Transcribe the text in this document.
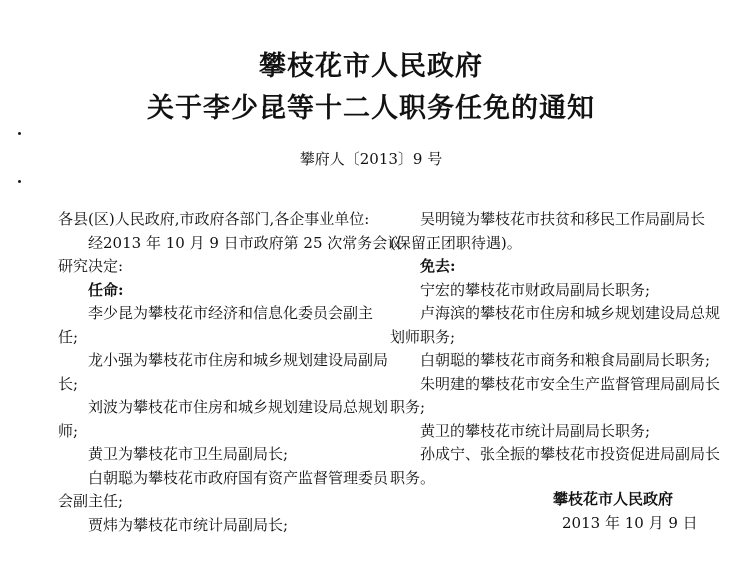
攀枝花市人民政府
关于李少昆等十二人职务任免的通知
攀府人〔2013〕9 号
各县(区)人民政府,市政府各部门,各企事业单位:
经2013 年 10 月 9 日市政府第 25 次常务会议
研究决定:
任命:
李少昆为攀枝花市经济和信息化委员会副主
任;
龙小强为攀枝花市住房和城乡规划建设局副局
长;
刘波为攀枝花市住房和城乡规划建设局总规划
师;
黄卫为攀枝花市卫生局副局长;
白朝聪为攀枝花市政府国有资产监督管理委员
会副主任;
贾炜为攀枝花市统计局副局长;
吴明镜为攀枝花市扶贫和移民工作局副局长
(保留正团职待遇)。
免去:
宁宏的攀枝花市财政局副局长职务;
卢海滨的攀枝花市住房和城乡规划建设局总规
划师职务;
白朝聪的攀枝花市商务和粮食局副局长职务;
朱明建的攀枝花市安全生产监督管理局副局长
职务;
黄卫的攀枝花市统计局副局长职务;
孙成宁、张全振的攀枝花市投资促进局副局长
职务。
攀枝花市人民政府
2013 年 10 月 9 日
